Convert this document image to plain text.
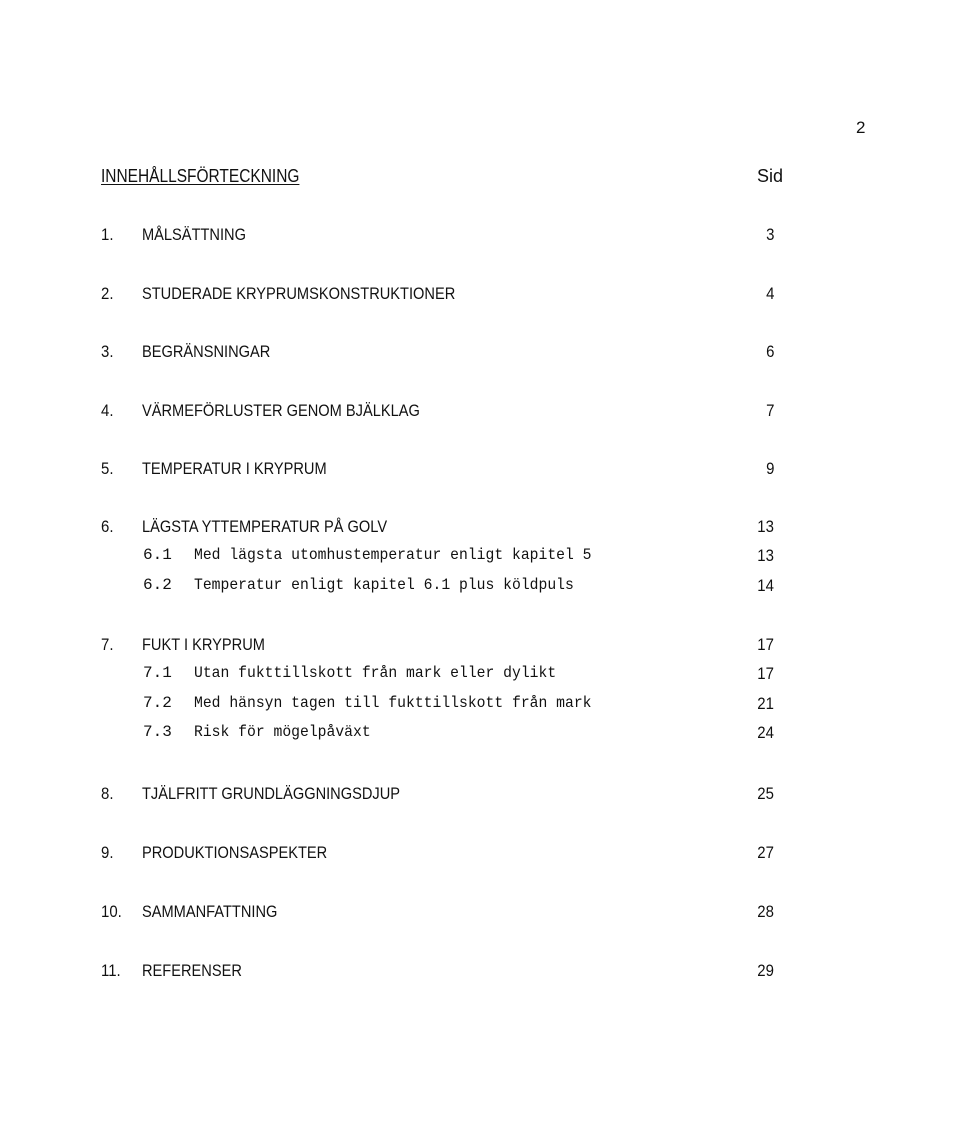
2
INNEHÅLLSFÖRTECKNING	Sid
1. MÅLSÄTTNING	3
2. STUDERADE KRYPRUMSKONSTRUKTIONER	4
3. BEGRÄNSNINGAR	6
4. VÄRMEFÖRLUSTER GENOM BJÄLKLAG	7
5. TEMPERATUR I KRYPRUM	9
6. LÄGSTA YTTEMPERATUR PÅ GOLV	13
6.1 Med lägsta utomhustemperatur enligt kapitel 5	13
6.2 Temperatur enligt kapitel 6.1 plus köldpuls	14
7. FUKT I KRYPRUM	17
7.1 Utan fukttillskott från mark eller dylikt	17
7.2 Med hänsyn tagen till fukttillskott från mark	21
7.3 Risk för mögelpåväxt	24
8. TJÄLFRITT GRUNDLÄGGNINGSDJUP	25
9. PRODUKTIONSASPEKTER	27
10. SAMMANFATTNING	28
11. REFERENSER	29
